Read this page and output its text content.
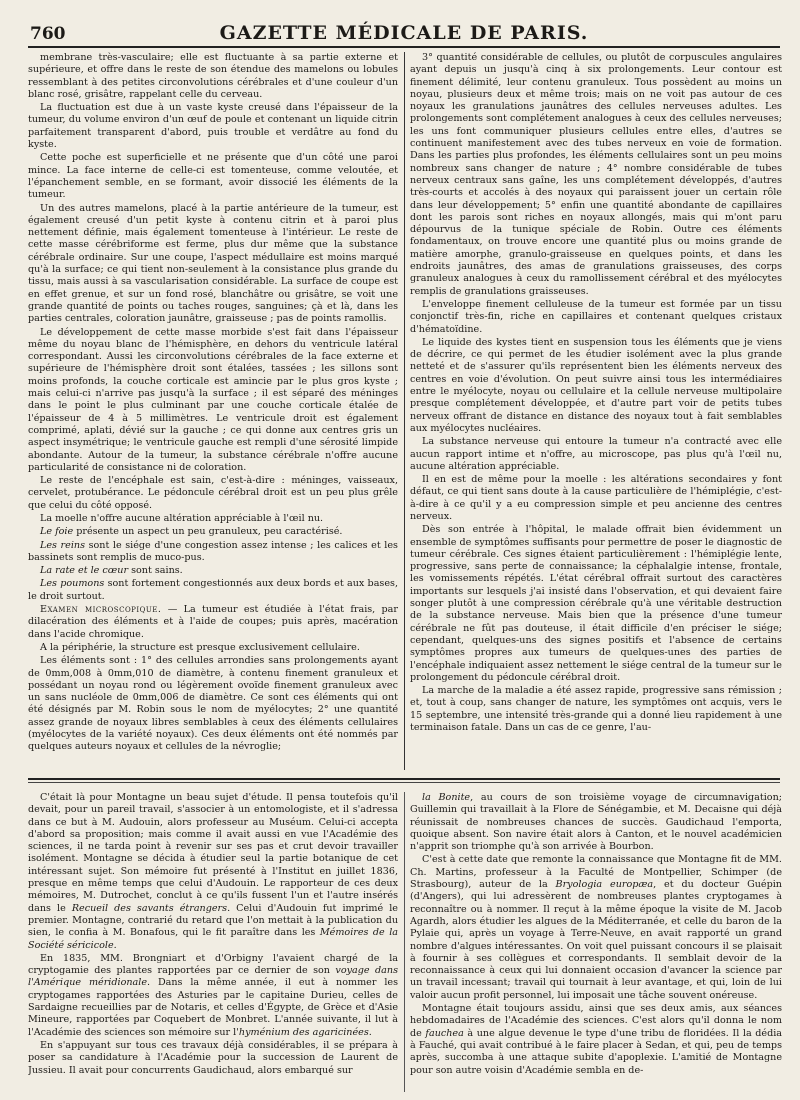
760	GAZETTE MÉDICALE DE PARIS.

membrane très-vasculaire; elle est fluctuante à sa partie externe et supérieure, et offre dans le reste de son étendue des mamelons ou lobules ressemblant à des petites circonvolutions cérébrales et d'une couleur d'un blanc rosé, grisâtre, rappelant celle du cerveau.

La fluctuation est due à un vaste kyste creusé dans l'épaisseur de la tumeur, du volume environ d'un œuf de poule et contenant un liquide citrin parfaitement transparent d'abord, puis trouble et verdâtre au fond du kyste.

Cette poche est superficielle et ne présente que d'un côté une paroi mince. La face interne de celle-ci est tomenteuse, comme veloutée, et l'épanchement semble, en se formant, avoir dissocié les éléments de la tumeur.

Un des autres mamelons, placé à la partie antérieure de la tumeur, est également creusé d'un petit kyste à contenu citrin et à paroi plus nettement définie, mais également tomenteuse à l'intérieur. Le reste de cette masse cérébriforme est ferme, plus dur même que la substance cérébrale ordinaire. Sur une coupe, l'aspect médullaire est moins marqué qu'à la surface; ce qui tient non-seulement à la consistance plus grande du tissu, mais aussi à sa vascularisation considérable. La surface de coupe est en effet grenue, et sur un fond rosé, blanchâtre ou grisâtre, se voit une grande quantité de points ou taches rouges, sanguines; çà et là, dans les parties centrales, coloration jaunâtre, graisseuse ; pas de points ramollis.

Le développement de cette masse morbide s'est fait dans l'épaisseur même du noyau blanc de l'hémisphère, en dehors du ventricule latéral correspondant. Aussi les circonvolutions cérébrales de la face externe et supérieure de l'hémisphère droit sont étalées, tassées ; les sillons sont moins profonds, la couche corticale est amincie par le plus gros kyste ; mais celui-ci n'arrive pas jusqu'à la surface ; il est séparé des méninges dans le point le plus culminant par une couche corticale étalée de l'épaisseur de 4 à 5 millimètres. Le ventricule droit est également comprimé, aplati, dévié sur la gauche ; ce qui donne aux centres gris un aspect insymétrique; le ventricule gauche est rempli d'une sérosité limpide abondante. Autour de la tumeur, la substance cérébrale n'offre aucune particularité de consistance ni de coloration.

Le reste de l'encéphale est sain, c'est-à-dire : méninges, vaisseaux, cervelet, protubérance. Le pédoncule cérébral droit est un peu plus grêle que celui du côté opposé.

La moelle n'offre aucune altération appréciable à l'œil nu.

Le foie présente un aspect un peu granuleux, peu caractérisé.

Les reins sont le siége d'une congestion assez intense ; les calices et les bassinets sont remplis de muco-pus.

La rate et le cœur sont sains.

Les poumons sont fortement congestionnés aux deux bords et aux bases, le droit surtout.

Examen microscopique. — La tumeur est étudiée à l'état frais, par dilacération des éléments et à l'aide de coupes; puis après, macération dans l'acide chromique.

A la périphérie, la structure est presque exclusivement cellulaire.

Les éléments sont : 1° des cellules arrondies sans prolongements ayant de 0mm,008 à 0mm,010 de diamètre, à contenu finement granuleux et possédant un noyau rond ou légèrement ovoïde finement granuleux avec un sans nucléole de 0mm,006 de diamètre. Ce sont ces éléments qui ont été désignés par M. Robin sous le nom de myélocytes; 2° une quantité assez grande de noyaux libres semblables à ceux des éléments cellulaires (myélocytes de la variété noyaux). Ces deux éléments ont été nommés par quelques auteurs noyaux et cellules de la névroglie;

3° quantité considérable de cellules, ou plutôt de corpuscules angulaires ayant depuis un jusqu'à cinq à six prolongements. Leur contour est finement délimité, leur contenu granuleux. Tous possèdent au moins un noyau, plusieurs deux et même trois; mais on ne voit pas autour de ces noyaux les granulations jaunâtres des cellules nerveuses adultes. Les prolongements sont complétement analogues à ceux des cellules nerveuses; les uns font communiquer plusieurs cellules entre elles, d'autres se continuent manifestement avec des tubes nerveux en voie de formation. Dans les parties plus profondes, les éléments cellulaires sont un peu moins nombreux sans changer de nature ; 4° nombre considérable de tubes nerveux centraux sans gaîne, les uns complétement développés, d'autres très-courts et accolés à des noyaux qui paraissent jouer un certain rôle dans leur développement; 5° enfin une quantité abondante de capillaires dont les parois sont riches en noyaux allongés, mais qui m'ont paru dépourvus de la tunique spéciale de Robin. Outre ces éléments fondamentaux, on trouve encore une quantité plus ou moins grande de matière amorphe, granulo-graisseuse en quelques points, et dans les endroits jaunâtres, des amas de granulations graisseuses, des corps granuleux analogues à ceux du ramollissement cérébral et des myélocytes remplis de granulations graisseuses.

L'enveloppe finement celluleuse de la tumeur est formée par un tissu conjonctif très-fin, riche en capillaires et contenant quelques cristaux d'hématoïdine.

Le liquide des kystes tient en suspension tous les éléments que je viens de décrire, ce qui permet de les étudier isolément avec la plus grande netteté et de s'assurer qu'ils représentent bien les éléments nerveux des centres en voie d'évolution. On peut suivre ainsi tous les intermédiaires entre le myélocyte, noyau ou cellulaire et la cellule nerveuse multipolaire presque complétement développée, et d'autre part voir de petits tubes nerveux offrant de distance en distance des noyaux tout à fait semblables aux myélocytes nucléaires.

La substance nerveuse qui entoure la tumeur n'a contracté avec elle aucun rapport intime et n'offre, au microscope, pas plus qu'à l'œil nu, aucune altération appréciable.

Il en est de même pour la moelle : les altérations secondaires y font défaut, ce qui tient sans doute à la cause particulière de l'hémiplégie, c'est-à-dire à ce qu'il y a eu compression simple et peu ancienne des centres nerveux.

Dès son entrée à l'hôpital, le malade offrait bien évidemment un ensemble de symptômes suffisants pour permettre de poser le diagnostic de tumeur cérébrale. Ces signes étaient particulièrement : l'hémiplégie lente, progressive, sans perte de connaissance; la céphalalgie intense, frontale, les vomissements répétés. L'état cérébral offrait surtout des caractères importants sur lesquels j'ai insisté dans l'observation, et qui devaient faire songer plutôt à une compression cérébrale qu'à une véritable destruction de la substance nerveuse. Mais bien que la présence d'une tumeur cérébrale ne fût pas douteuse, il était difficile d'en préciser le siége; cependant, quelques-uns des signes positifs et l'absence de certains symptômes propres aux tumeurs de quelques-unes des parties de l'encéphale indiquaient assez nettement le siége central de la tumeur sur le prolongement du pédoncule cérébral droit.

La marche de la maladie a été assez rapide, progressive sans rémission ; et, tout à coup, sans changer de nature, les symptômes ont acquis, vers le 15 septembre, une intensité très-grande qui a donné lieu rapidement à une terminaison fatale. Dans un cas de ce genre, l'au-

C'était là pour Montagne un beau sujet d'étude. Il pensa toutefois qu'il devait, pour un pareil travail, s'associer à un entomologiste, et il s'adressa dans ce but à M. Audouin, alors professeur au Muséum. Celui-ci accepta d'abord sa proposition; mais comme il avait aussi en vue l'Académie des sciences, il ne tarda point à revenir sur ses pas et crut devoir travailler isolément. Montagne se décida à étudier seul la partie botanique de cet intéressant sujet. Son mémoire fut présenté à l'Institut en juillet 1836, presque en même temps que celui d'Audouin. Le rapporteur de ces deux mémoires, M. Dutrochet, conclut à ce qu'ils fussent l'un et l'autre insérés dans le Recueil des savants étrangers. Celui d'Audouin fut imprimé le premier. Montagne, contrarié du retard que l'on mettait à la publication du sien, le confia à M. Bonafous, qui le fit paraître dans les Mémoires de la Société séricicole.

En 1835, MM. Brongniart et d'Orbigny l'avaient chargé de la cryptogamie des plantes rapportées par ce dernier de son voyage dans l'Amérique méridionale. Dans la même année, il eut à nommer les cryptogames rapportées des Asturies par le capitaine Durieu, celles de Sardaigne recueillies par de Notaris, et celles d'Égypte, de Grèce et d'Asie Mineure, rapportées par Coquebert de Monbret. L'année suivante, il lut à l'Académie des sciences son mémoire sur l'hyménium des agaricinées.

En s'appuyant sur tous ces travaux déjà considérables, il se prépara à poser sa candidature à l'Académie pour la succession de Laurent de Jussieu. Il avait pour concurrents Gaudichaud, alors embarqué sur

la Bonite, au cours de son troisième voyage de circumnavigation; Guillemin qui travaillait à la Flore de Sénégambie, et M. Decaisne qui déjà réunissait de nombreuses chances de succès. Gaudichaud l'emporta, quoique absent. Son navire était alors à Canton, et le nouvel académicien n'apprit son triomphe qu'à son arrivée à Bourbon.

C'est à cette date que remonte la connaissance que Montagne fit de MM. Ch. Martins, professeur à la Faculté de Montpellier, Schimper (de Strasbourg), auteur de la Bryologia europæa, et du docteur Guépin (d'Angers), qui lui adressèrent de nombreuses plantes cryptogames à reconnaître ou à nommer. Il reçut à la même époque la visite de M. Jacob Agardh, alors étudier les algues de la Méditerranée, et celle du baron de la Pylaie qui, après un voyage à Terre-Neuve, en avait rapporté un grand nombre d'algues intéressantes. On voit quel puissant concours il se plaisait à fournir à ses collègues et correspondants. Il semblait devoir de la reconnaissance à ceux qui lui donnaient occasion d'avancer la science par un travail incessant; travail qui tournait à leur avantage, et qui, loin de lui valoir aucun profit personnel, lui imposait une tâche souvent onéreuse.

Montagne était toujours assidu, ainsi que ses deux amis, aux séances hebdomadaires de l'Académie des sciences. C'est alors qu'il donna le nom de fauchea à une algue devenue le type d'une tribu de floridées. Il la dédia à Fauché, qui avait contribué à le faire placer à Sedan, et qui, peu de temps après, succomba à une attaque subite d'apoplexie. L'amitié de Montagne pour son autre voisin d'Académie sembla en de-
